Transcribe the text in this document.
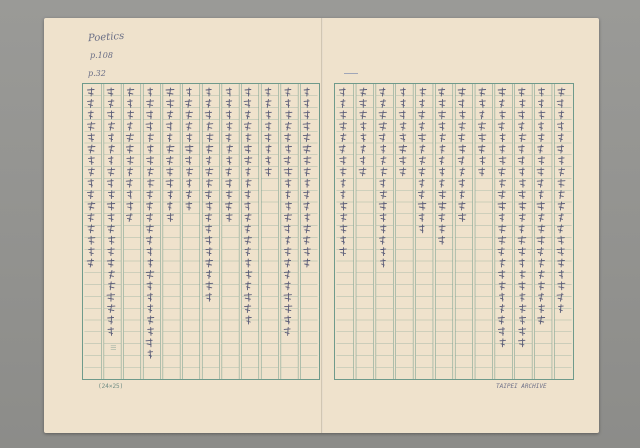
Poetics
p.108
p.32
|||
(24×25)	TAIPEI ARCHIVE
